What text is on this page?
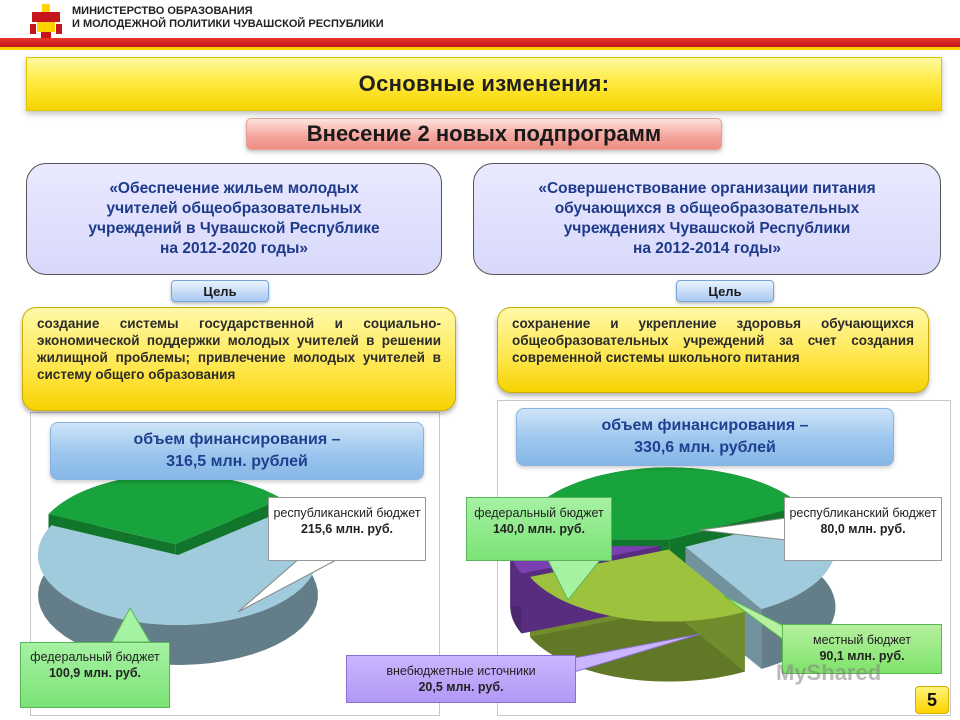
МИНИСТЕРСТВО ОБРАЗОВАНИЯ
И МОЛОДЕЖНОЙ ПОЛИТИКИ ЧУВАШСКОЙ РЕСПУБЛИКИ
Основные изменения:
Внесение 2 новых подпрограмм
«Обеспечение жильем молодых
учителей общеобразовательных
учреждений в Чувашской Республике
на 2012-2020 годы»
«Совершенствование организации питания
обучающихся в общеобразовательных
учреждениях Чувашской Республики
на 2012-2014 годы»
Цель	Цель
создание системы государственной и социально-экономической поддержки молодых учителей в решении жилищной проблемы; привлечение молодых учителей в систему общего образования
сохранение и укрепление здоровья обучающихся общеобразовательных учреждений за счет создания современной системы школьного питания
объем финансирования –
316,5 млн. рублей
объем финансирования –
330,6 млн. рублей
республиканский бюджет
215,6 млн. руб.
федеральный бюджет
100,9 млн. руб.
федеральный бюджет
140,0 млн. руб.
республиканский бюджет
80,0 млн. руб.
местный бюджет
90,1 млн. руб.
внебюджетные источники
20,5 млн. руб.
MyShared
5
